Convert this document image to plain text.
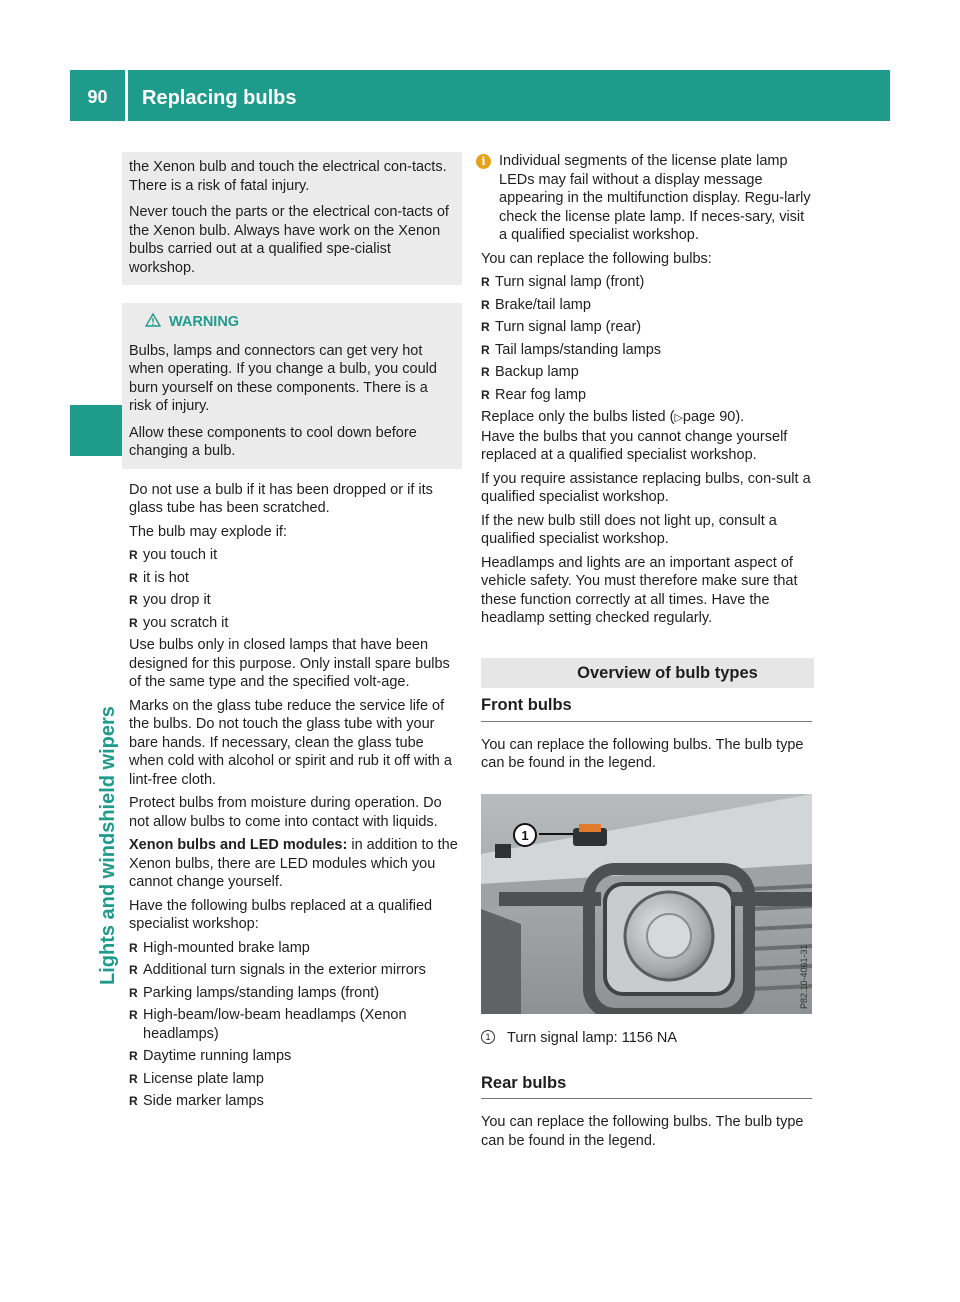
90	Replacing bulbs
Lights and windshield wipers

the Xenon bulb and touch the electrical con-tacts. There is a risk of fatal injury.

Never touch the parts or the electrical con-tacts of the Xenon bulb. Always have work on the Xenon bulbs carried out at a qualified spe-cialist workshop.

WARNING

Bulbs, lamps and connectors can get very hot when operating. If you change a bulb, you could burn yourself on these components. There is a risk of injury.

Allow these components to cool down before changing a bulb.

Do not use a bulb if it has been dropped or if its glass tube has been scratched.

The bulb may explode if:

R you touch it
R it is hot
R you drop it
R you scratch it

Use bulbs only in closed lamps that have been designed for this purpose. Only install spare bulbs of the same type and the specified volt-age.

Marks on the glass tube reduce the service life of the bulbs. Do not touch the glass tube with your bare hands. If necessary, clean the glass tube when cold with alcohol or spirit and rub it off with a lint-free cloth.

Protect bulbs from moisture during operation. Do not allow bulbs to come into contact with liquids.

Xenon bulbs and LED modules: in addition to the Xenon bulbs, there are LED modules which you cannot change yourself.

Have the following bulbs replaced at a qualified specialist workshop:

R High-mounted brake lamp
R Additional turn signals in the exterior mirrors
R Parking lamps/standing lamps (front)
R High-beam/low-beam headlamps (Xenon
headlamps)
R Daytime running lamps
R License plate lamp
R Side marker lamps

i Individual segments of the license plate lamp LEDs may fail without a display message appearing in the multifunction display. Regu-larly check the license plate lamp. If neces-sary, visit a qualified specialist workshop.

You can replace the following bulbs:

R Turn signal lamp (front)
R Brake/tail lamp
R Turn signal lamp (rear)
R Tail lamps/standing lamps
R Backup lamp
R Rear fog lamp

Replace only the bulbs listed (▷page 90).
Have the bulbs that you cannot change yourself replaced at a qualified specialist workshop.

If you require assistance replacing bulbs, con-sult a qualified specialist workshop.

If the new bulb still does not light up, consult a qualified specialist workshop.

Headlamps and lights are an important aspect of vehicle safety. You must therefore make sure that these function correctly at all times. Have the headlamp setting checked regularly.

Overview of bulb types
Front bulbs

You can replace the following bulbs. The bulb type can be found in the legend.

1
P82.10-4061-31
1	Turn signal lamp: 1156 NA
Rear bulbs

You can replace the following bulbs. The bulb type can be found in the legend.
